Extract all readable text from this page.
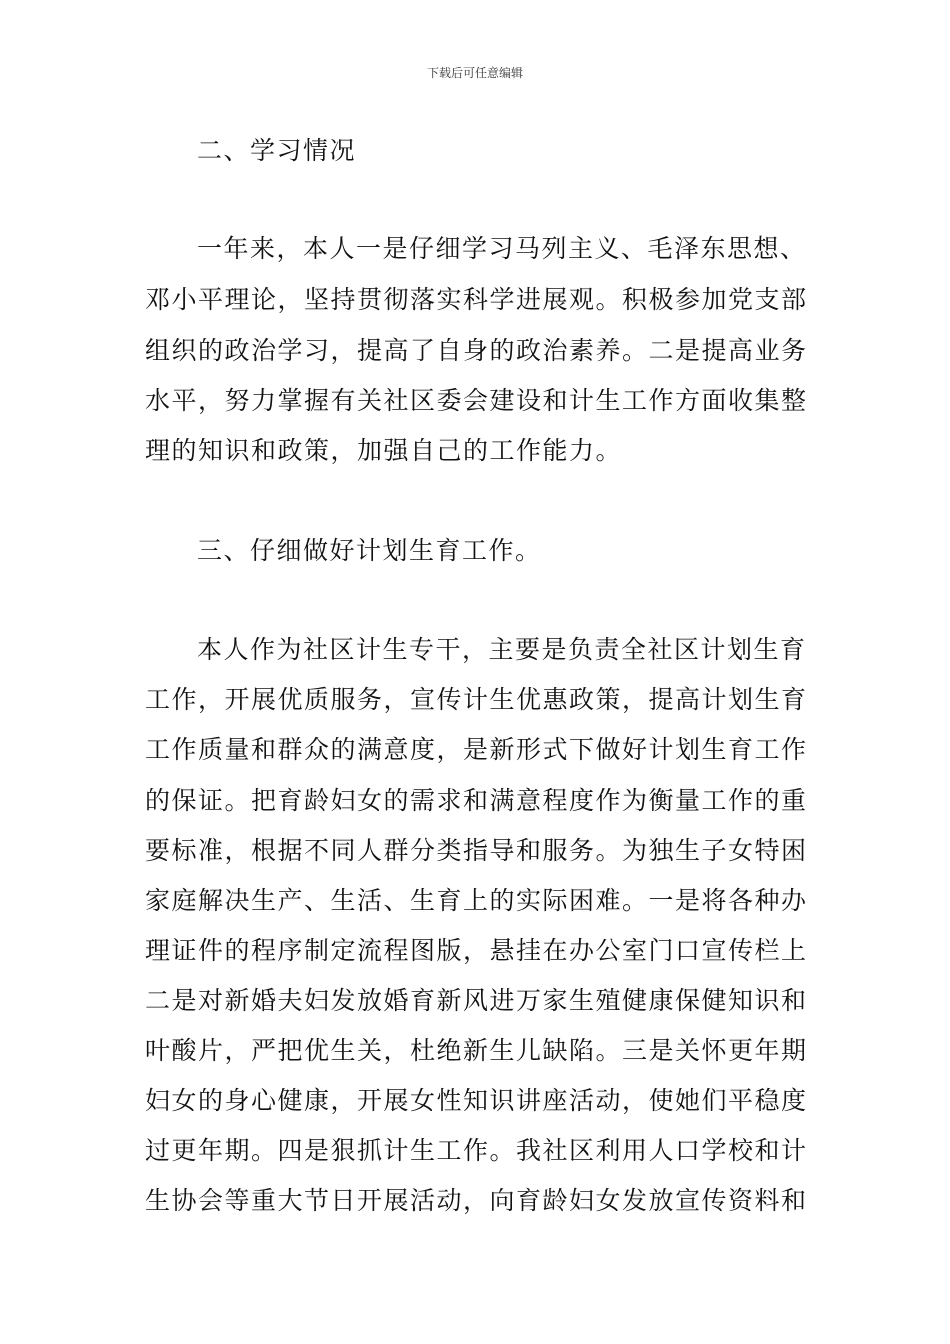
下载后可任意编辑
二、学习情况
一年来，本人一是仔细学习马列主义、毛泽东思想、
邓小平理论，坚持贯彻落实科学进展观。积极参加党支部
组织的政治学习，提高了自身的政治素养。二是提高业务
水平，努力掌握有关社区委会建设和计生工作方面收集整
理的知识和政策，加强自己的工作能力。
三、仔细做好计划生育工作。
本人作为社区计生专干，主要是负责全社区计划生育
工作，开展优质服务，宣传计生优惠政策，提高计划生育
工作质量和群众的满意度，是新形式下做好计划生育工作
的保证。把育龄妇女的需求和满意程度作为衡量工作的重
要标准，根据不同人群分类指导和服务。为独生子女特困
家庭解决生产、生活、生育上的实际困难。一是将各种办
理证件的程序制定流程图版，悬挂在办公室门口宣传栏上
二是对新婚夫妇发放婚育新风进万家生殖健康保健知识和
叶酸片，严把优生关，杜绝新生儿缺陷。三是关怀更年期
妇女的身心健康，开展女性知识讲座活动，使她们平稳度
过更年期。四是狠抓计生工作。我社区利用人口学校和计
生协会等重大节日开展活动，向育龄妇女发放宣传资料和
